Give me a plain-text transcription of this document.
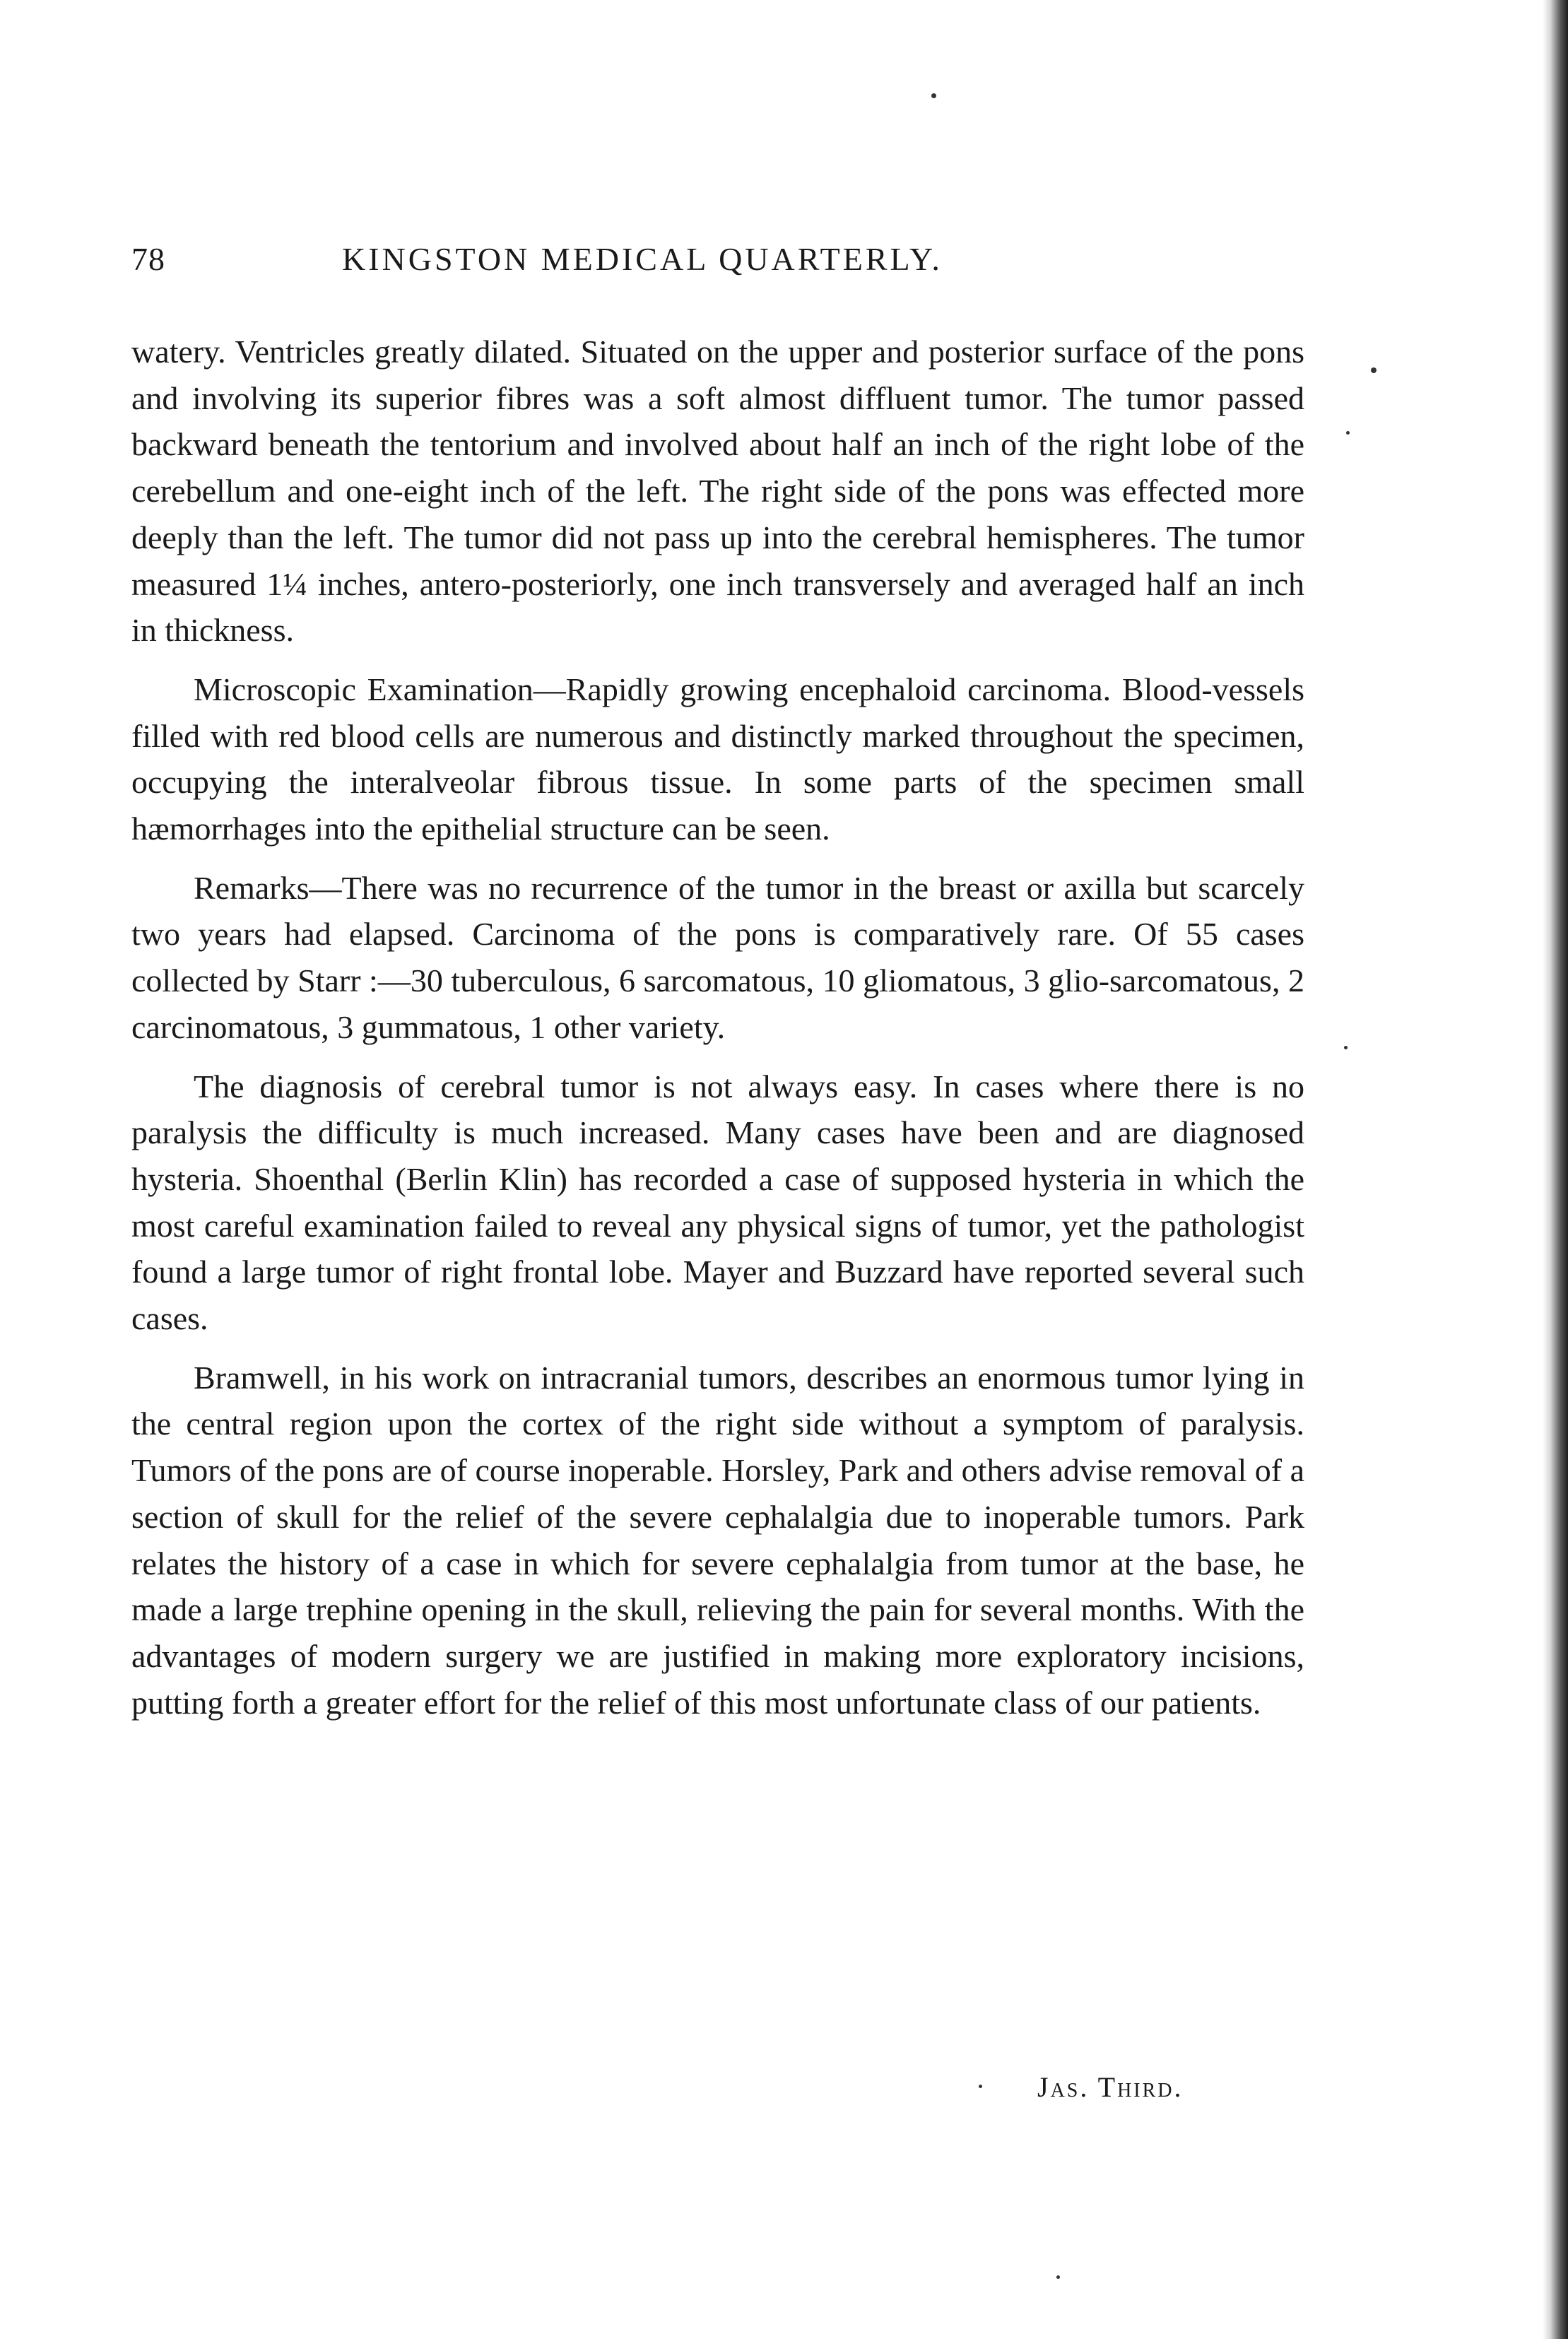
78	KINGSTON MEDICAL QUARTERLY.

watery. Ventricles greatly dilated. Situated on the upper and posterior surface of the pons and involving its superior fibres was a soft almost diffluent tumor. The tumor passed backward beneath the tentorium and involved about half an inch of the right lobe of the cerebellum and one-eight inch of the left. The right side of the pons was effected more deeply than the left. The tumor did not pass up into the cerebral hemispheres. The tumor measured 1¼ inches, antero-posteriorly, one inch transversely and averaged half an inch in thickness.

Microscopic Examination—Rapidly growing encephaloid carcinoma. Blood-vessels filled with red blood cells are numerous and distinctly marked throughout the specimen, occupying the interalveolar fibrous tissue. In some parts of the specimen small hæmorrhages into the epithelial structure can be seen.

Remarks—There was no recurrence of the tumor in the breast or axilla but scarcely two years had elapsed. Carcinoma of the pons is comparatively rare. Of 55 cases collected by Starr :—30 tuberculous, 6 sarcomatous, 10 gliomatous, 3 glio-sarcomatous, 2 carcinomatous, 3 gummatous, 1 other variety.

The diagnosis of cerebral tumor is not always easy. In cases where there is no paralysis the difficulty is much increased. Many cases have been and are diagnosed hysteria. Shoenthal (Berlin Klin) has recorded a case of supposed hysteria in which the most careful examination failed to reveal any physical signs of tumor, yet the pathologist found a large tumor of right frontal lobe. Mayer and Buzzard have reported several such cases.

Bramwell, in his work on intracranial tumors, describes an enormous tumor lying in the central region upon the cortex of the right side without a symptom of paralysis. Tumors of the pons are of course inoperable. Horsley, Park and others advise removal of a section of skull for the relief of the severe cephalalgia due to inoperable tumors. Park relates the history of a case in which for severe cephalalgia from tumor at the base, he made a large trephine opening in the skull, relieving the pain for several months. With the advantages of modern surgery we are justified in making more exploratory incisions, putting forth a greater effort for the relief of this most unfortunate class of our patients.

Jas. Third.
